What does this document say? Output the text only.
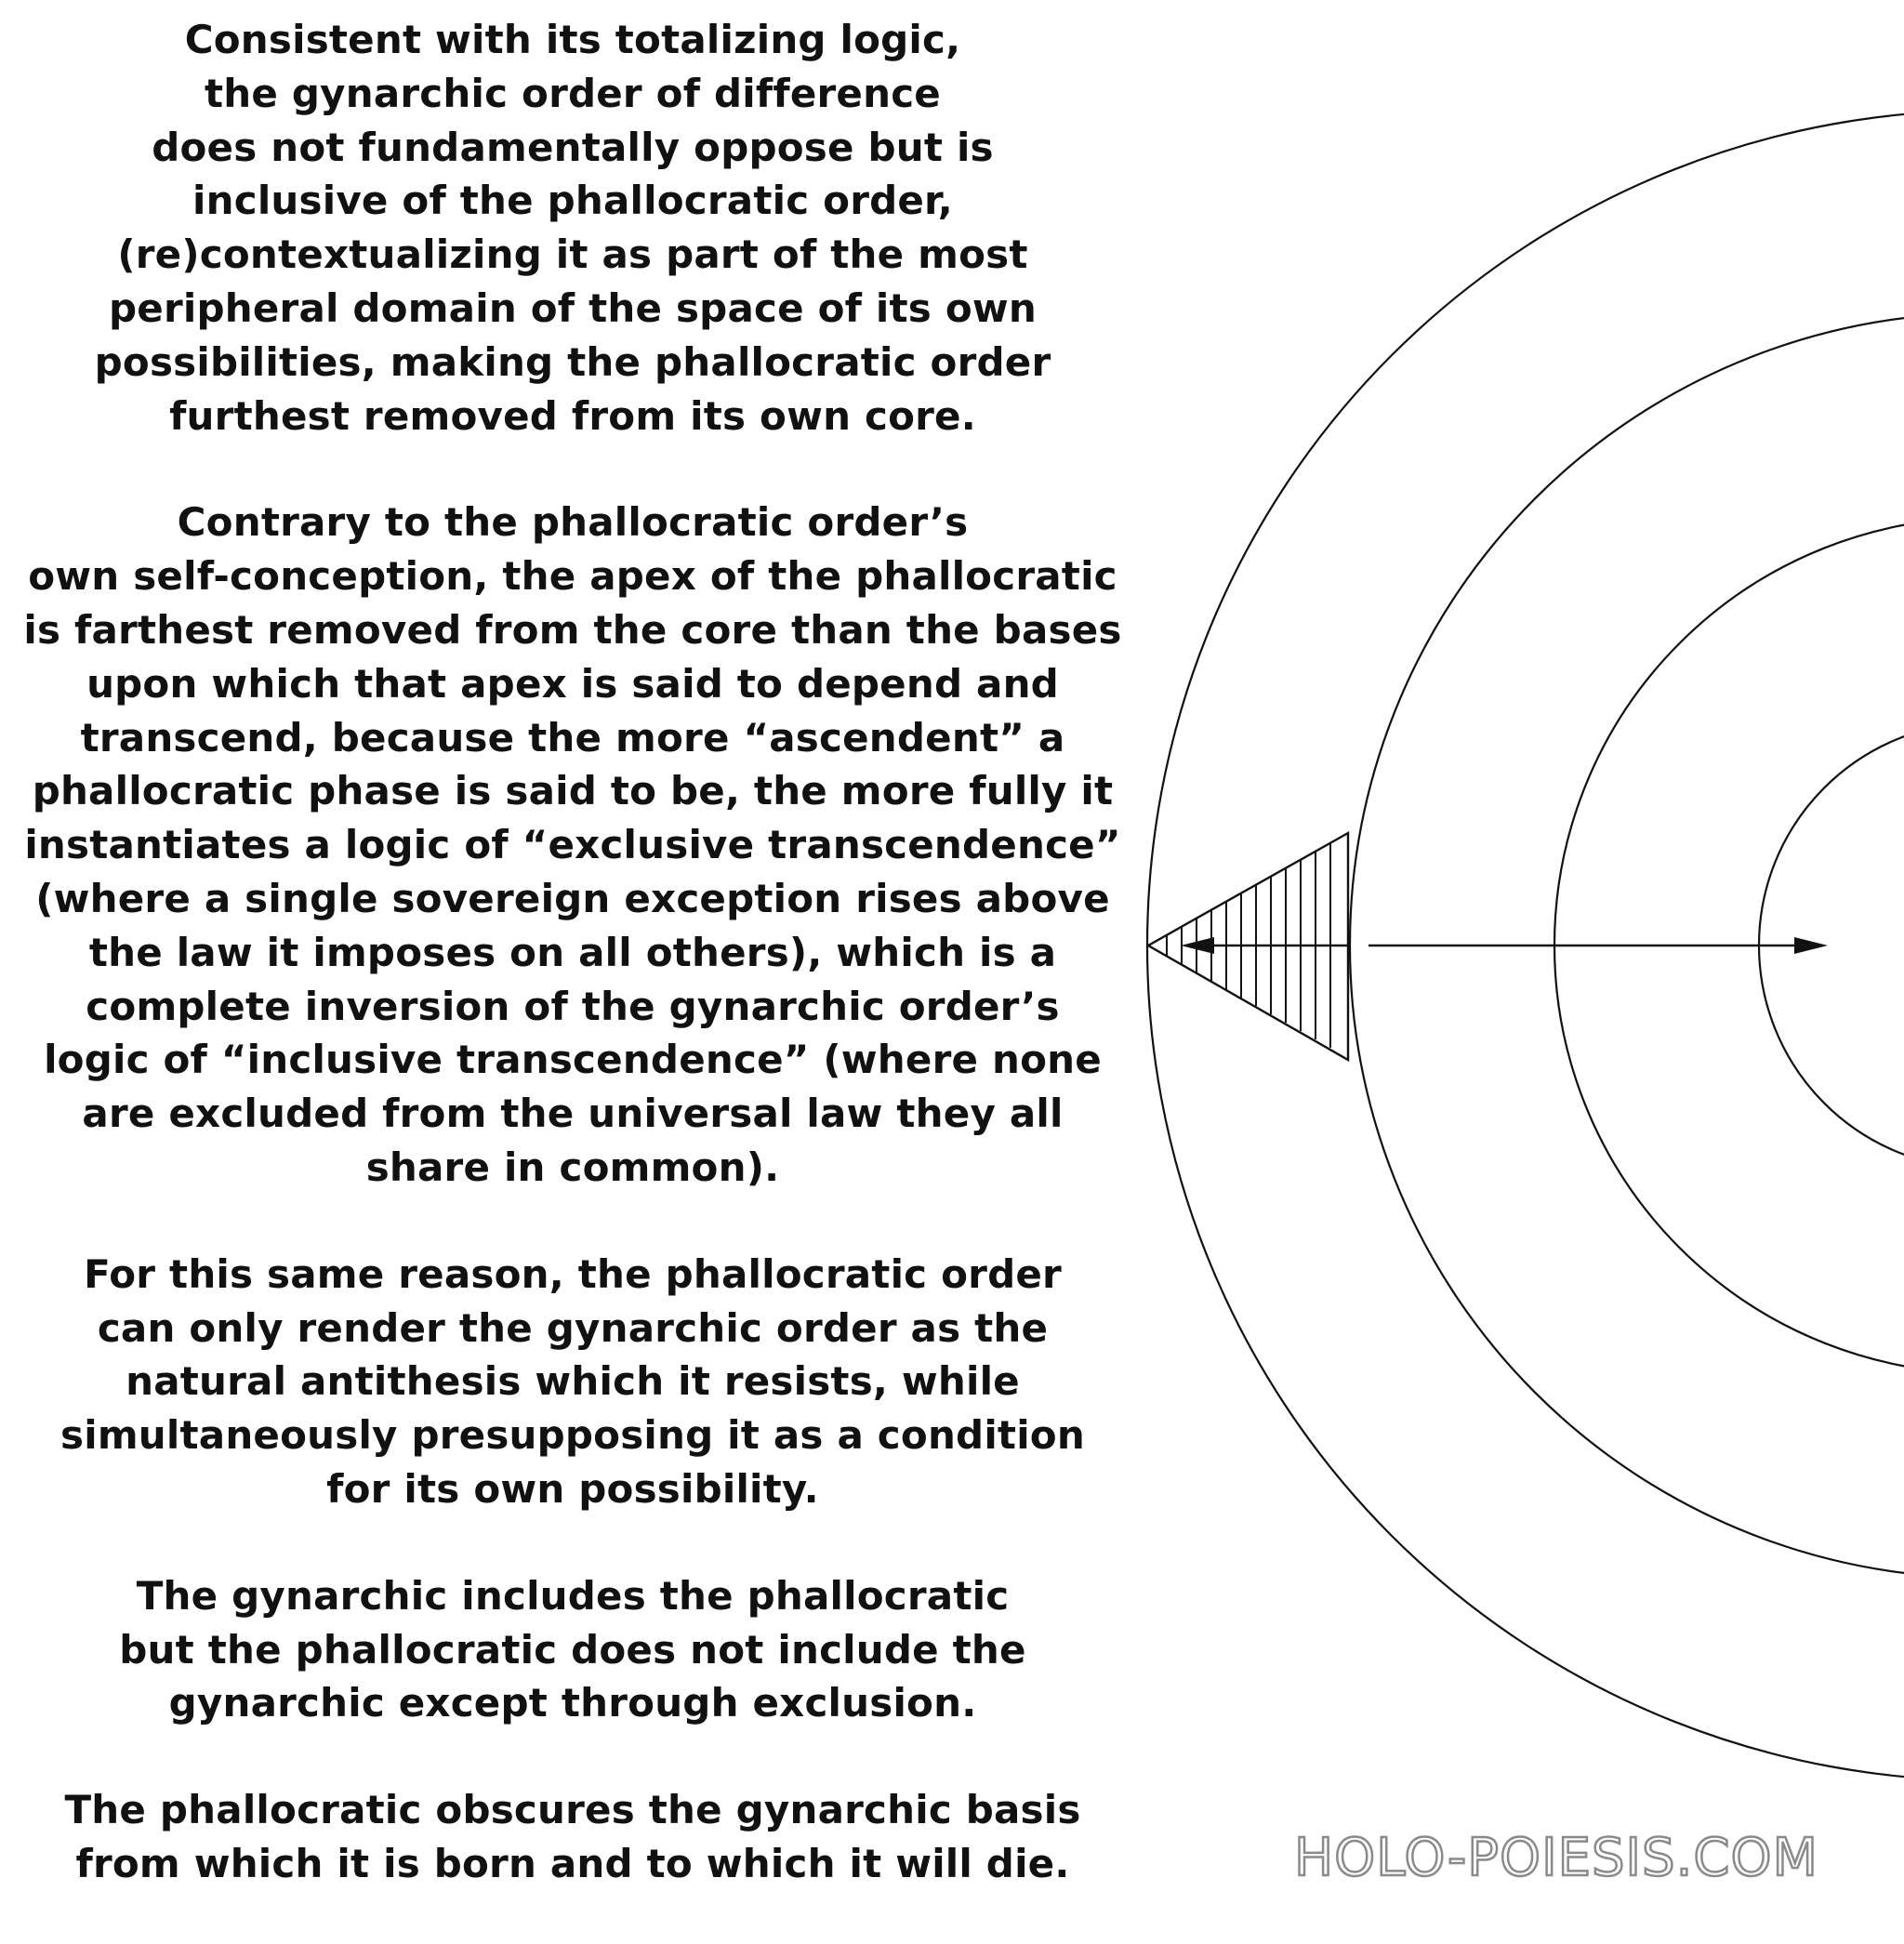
Consistent with its totalizing logic,
the gynarchic order of difference
does not fundamentally oppose but is
inclusive of the phallocratic order,
(re)contextualizing it as part of the most
peripheral domain of the space of its own
possibilities, making the phallocratic order
furthest removed from its own core.

Contrary to the phallocratic order’s
own self-conception, the apex of the phallocratic
is farthest removed from the core than the bases
upon which that apex is said to depend and
transcend, because the more “ascendent” a
phallocratic phase is said to be, the more fully it
instantiates a logic of “exclusive transcendence”
(where a single sovereign exception rises above
the law it imposes on all others), which is a
complete inversion of the gynarchic order’s
logic of “inclusive transcendence” (where none
are excluded from the universal law they all
share in common).

For this same reason, the phallocratic order
can only render the gynarchic order as the
natural antithesis which it resists, while
simultaneously presupposing it as a condition
for its own possibility.

The gynarchic includes the phallocratic
but the phallocratic does not include the
gynarchic except through exclusion.

The phallocratic obscures the gynarchic basis
from which it is born and to which it will die.	HOLO-POIESIS.COM
